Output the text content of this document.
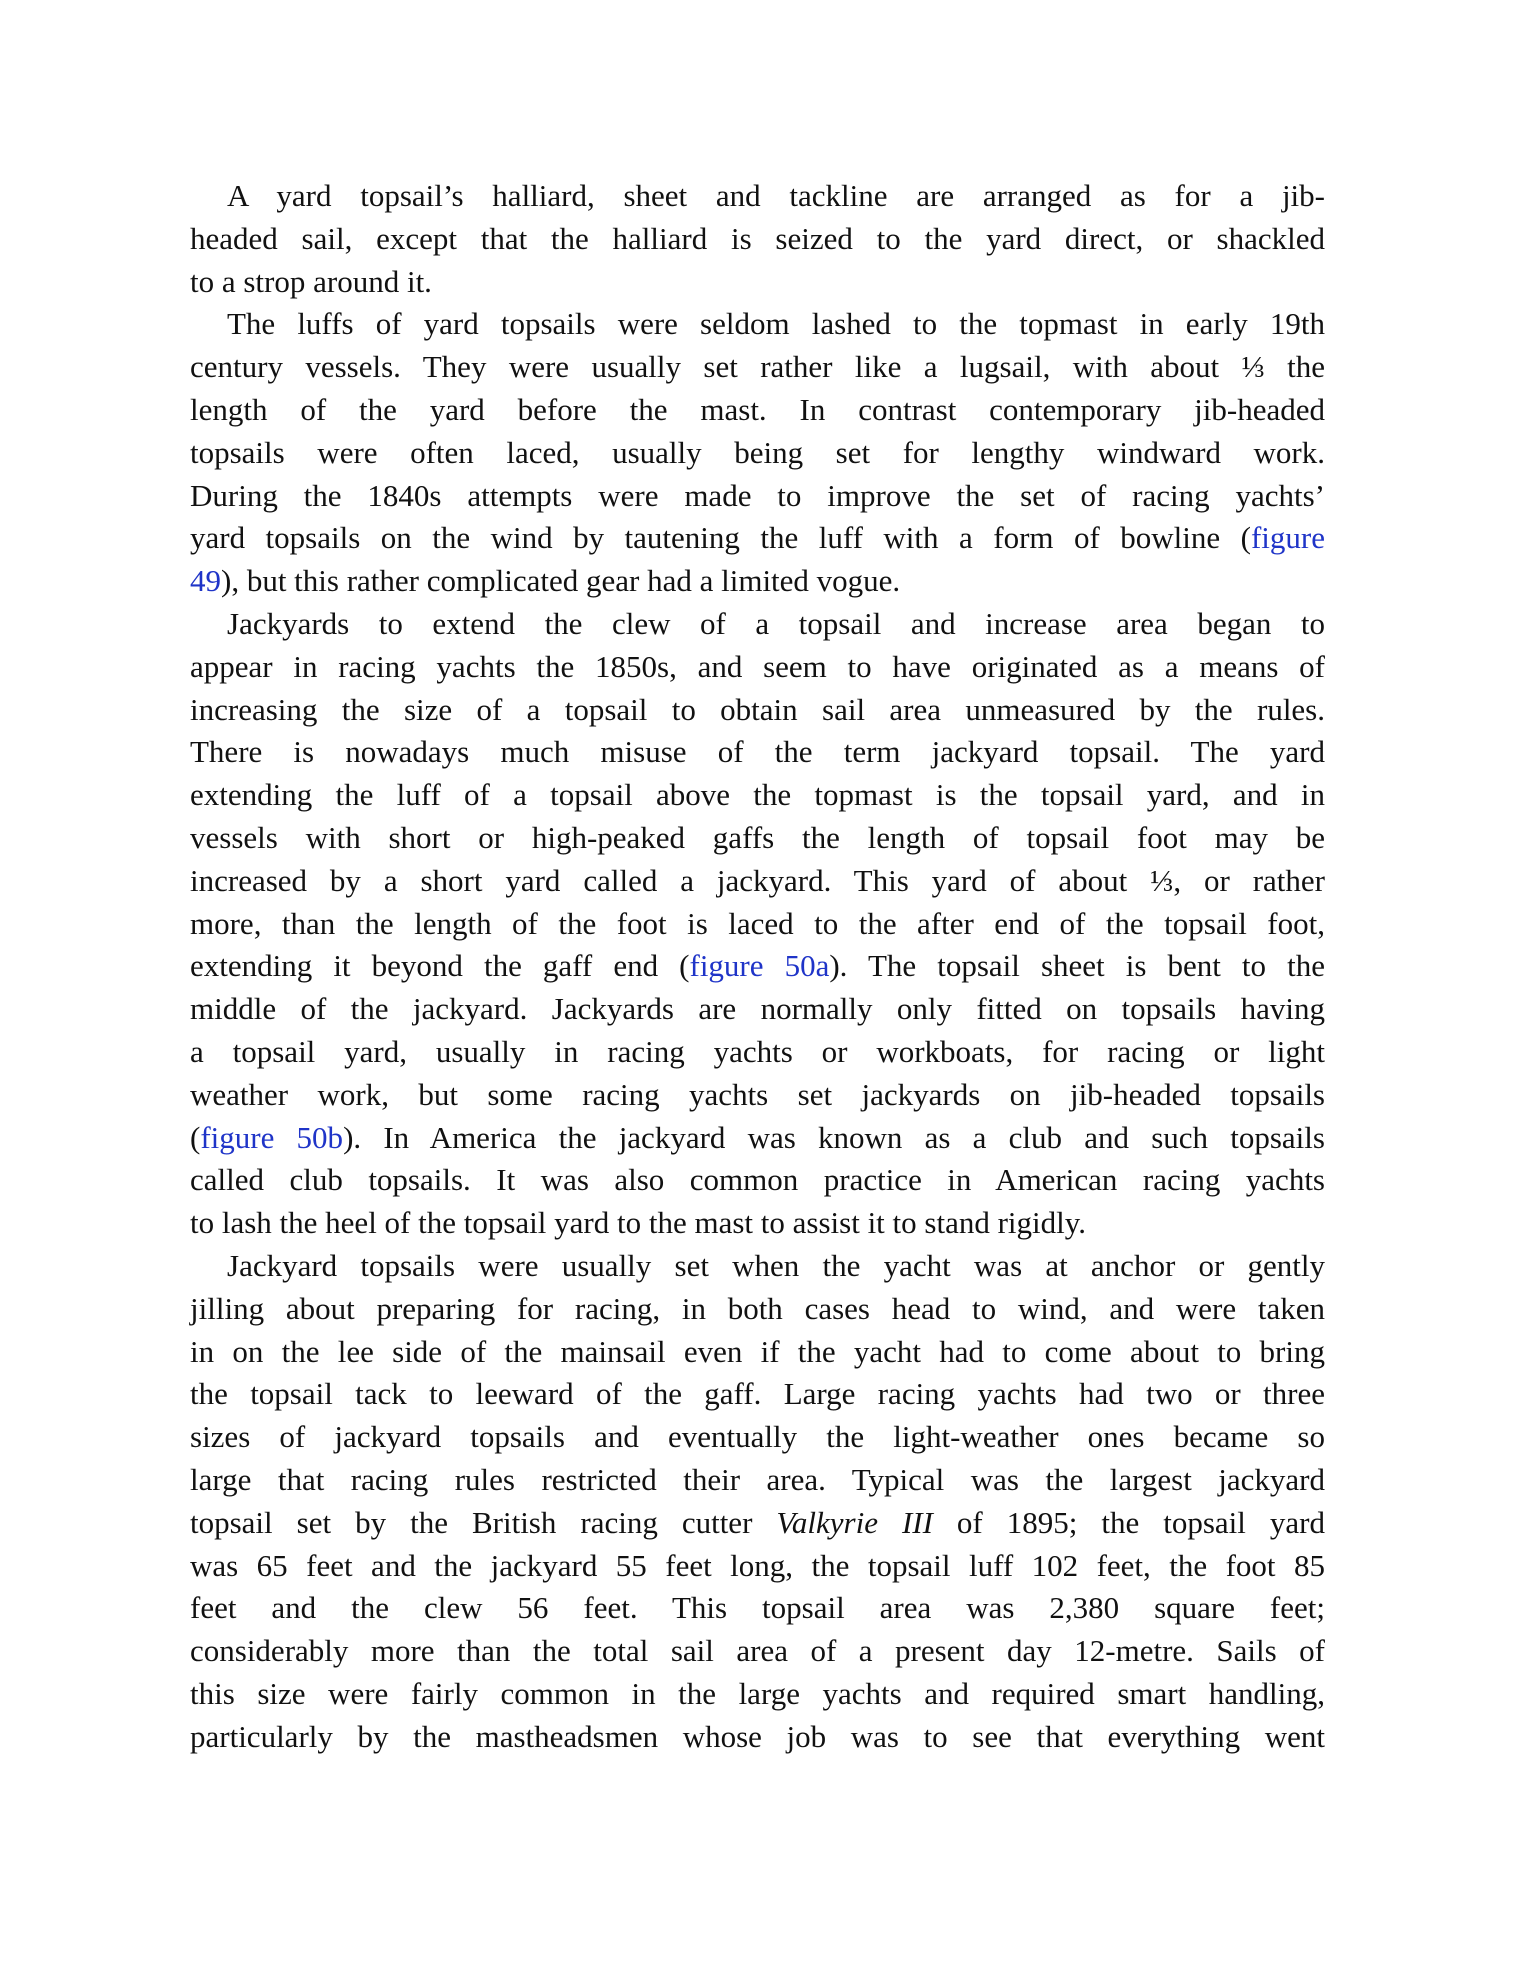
A yard topsail’s halliard, sheet and tackline are arranged as for a jib-
headed sail, except that the halliard is seized to the yard direct, or shackled
to a strop around it.
The luffs of yard topsails were seldom lashed to the topmast in early 19th
century vessels. They were usually set rather like a lugsail, with about ⅓ the
length of the yard before the mast. In contrast contemporary jib-headed
topsails were often laced, usually being set for lengthy windward work.
During the 1840s attempts were made to improve the set of racing yachts’
yard topsails on the wind by tautening the luff with a form of bowline (figure
49), but this rather complicated gear had a limited vogue.
Jackyards to extend the clew of a topsail and increase area began to
appear in racing yachts the 1850s, and seem to have originated as a means of
increasing the size of a topsail to obtain sail area unmeasured by the rules.
There is nowadays much misuse of the term jackyard topsail. The yard
extending the luff of a topsail above the topmast is the topsail yard, and in
vessels with short or high-peaked gaffs the length of topsail foot may be
increased by a short yard called a jackyard. This yard of about ⅓, or rather
more, than the length of the foot is laced to the after end of the topsail foot,
extending it beyond the gaff end (figure 50a). The topsail sheet is bent to the
middle of the jackyard. Jackyards are normally only fitted on topsails having
a topsail yard, usually in racing yachts or workboats, for racing or light
weather work, but some racing yachts set jackyards on jib-headed topsails
(figure 50b). In America the jackyard was known as a club and such topsails
called club topsails. It was also common practice in American racing yachts
to lash the heel of the topsail yard to the mast to assist it to stand rigidly.
Jackyard topsails were usually set when the yacht was at anchor or gently
jilling about preparing for racing, in both cases head to wind, and were taken
in on the lee side of the mainsail even if the yacht had to come about to bring
the topsail tack to leeward of the gaff. Large racing yachts had two or three
sizes of jackyard topsails and eventually the light-weather ones became so
large that racing rules restricted their area. Typical was the largest jackyard
topsail set by the British racing cutter Valkyrie III of 1895; the topsail yard
was 65 feet and the jackyard 55 feet long, the topsail luff 102 feet, the foot 85
feet and the clew 56 feet. This topsail area was 2,380 square feet;
considerably more than the total sail area of a present day 12-metre. Sails of
this size were fairly common in the large yachts and required smart handling,
particularly by the mastheadsmen whose job was to see that everything went
